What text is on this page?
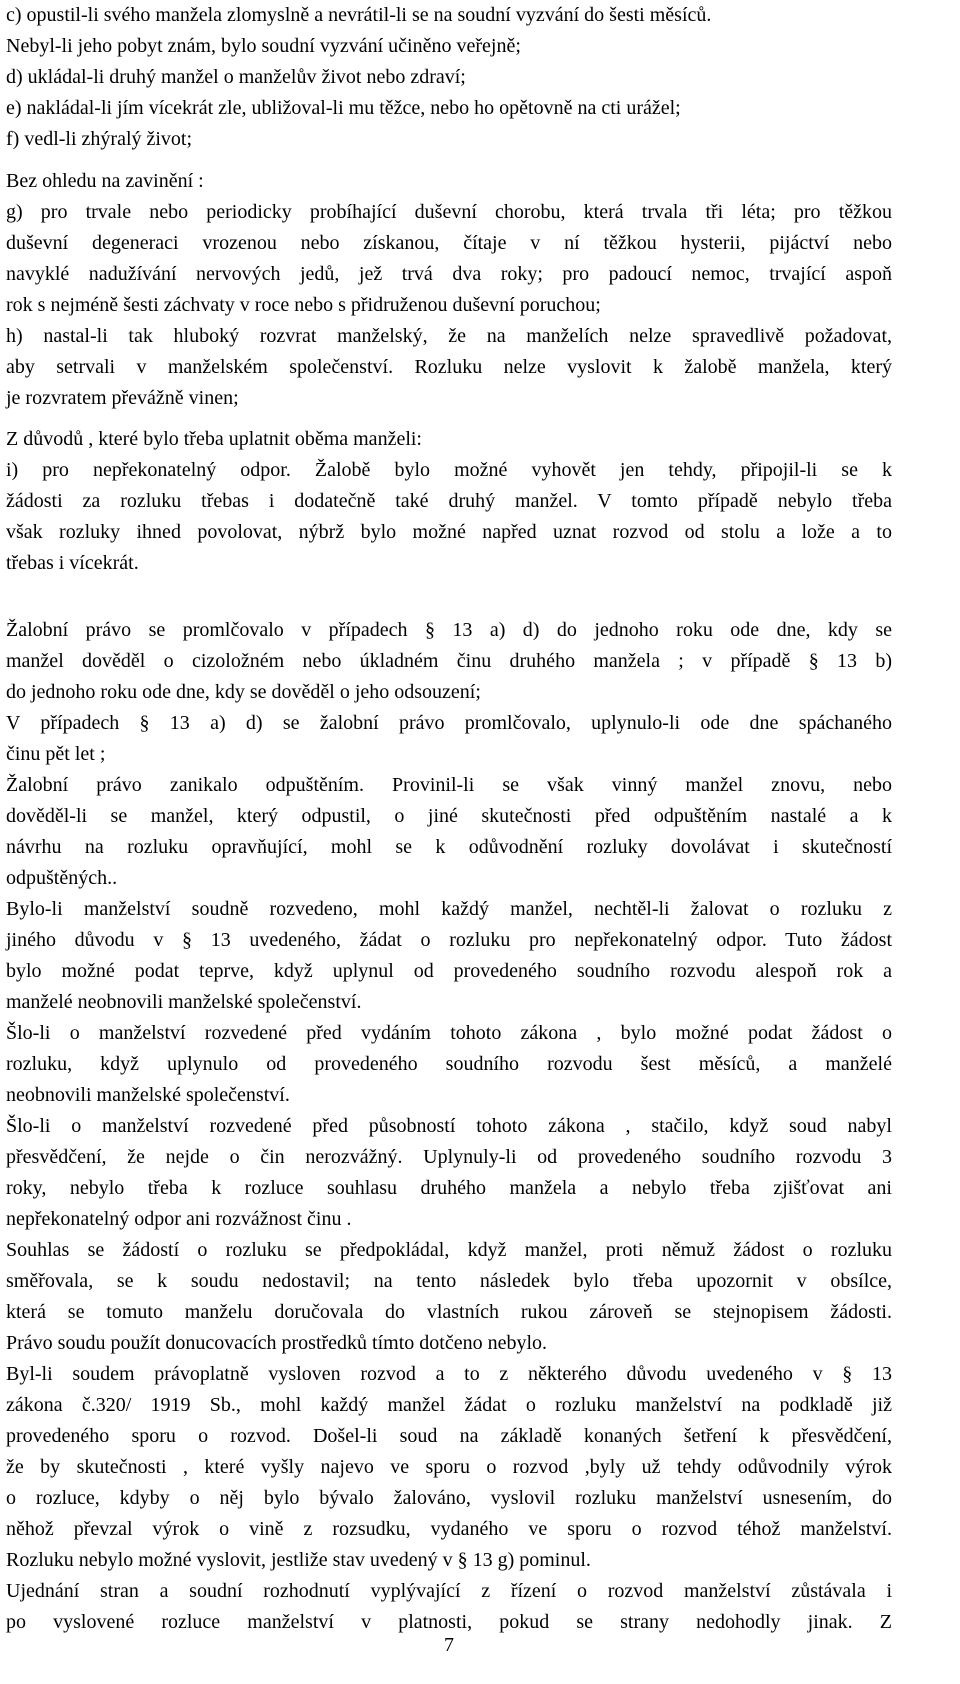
c) opustil-li svého manžela zlomyslně a nevrátil-li se na soudní vyzvání do šesti měsíců.
Nebyl-li jeho pobyt znám, bylo soudní vyzvání učiněno veřejně;
d) ukládal-li druhý manžel o manželův život nebo zdraví;
e) nakládal-li jím vícekrát zle, ubližoval-li mu těžce, nebo ho opětovně na cti urážel;
f) vedl-li zhýralý život;
Bez ohledu na zavinění :
g) pro trvale nebo periodicky probíhající duševní chorobu, která trvala tři léta; pro těžkou
duševní degeneraci vrozenou nebo získanou, čítaje v ní těžkou hysterii, pijáctví nebo
navyklé nadužívání nervových jedů, jež trvá dva roky; pro padoucí nemoc, trvající aspoň
rok s nejméně šesti záchvaty v roce nebo s přidruženou duševní poruchou;
h) nastal-li tak hluboký rozvrat manželský, že na manželích nelze spravedlivě požadovat,
aby setrvali v manželském společenství. Rozluku nelze vyslovit k žalobě manžela, který
je rozvratem převážně vinen;
Z důvodů , které bylo třeba uplatnit oběma manželi:
i) pro nepřekonatelný odpor. Žalobě bylo možné vyhovět jen tehdy, připojil-li se k
žádosti za rozluku třebas i dodatečně také druhý manžel. V tomto případě nebylo třeba
však rozluky ihned povolovat, nýbrž bylo možné napřed uznat rozvod od stolu a lože a to
třebas i vícekrát.
Žalobní právo se promlčovalo v případech § 13 a) d) do jednoho roku ode dne, kdy se
manžel dověděl o cizoložném nebo úkladném činu druhého manžela ; v případě § 13 b)
do jednoho roku ode dne, kdy se dověděl o jeho odsouzení;
V případech § 13 a) d) se žalobní právo promlčovalo, uplynulo-li ode dne spáchaného
činu pět let ;
Žalobní právo zanikalo odpuštěním. Provinil-li se však vinný manžel znovu, nebo
dověděl-li se manžel, který odpustil, o jiné skutečnosti před odpuštěním nastalé a k
návrhu na rozluku opravňující, mohl se k odůvodnění rozluky dovolávat i skutečností
odpuštěných..
Bylo-li manželství soudně rozvedeno, mohl každý manžel, nechtěl-li žalovat o rozluku z
jiného důvodu v § 13 uvedeného, žádat o rozluku pro nepřekonatelný odpor. Tuto žádost
bylo možné podat teprve, když uplynul od provedeného soudního rozvodu alespoň rok a
manželé neobnovili manželské společenství.
Šlo-li o manželství rozvedené před vydáním tohoto zákona , bylo možné podat žádost o
rozluku, když uplynulo od provedeného soudního rozvodu šest měsíců, a manželé
neobnovili manželské společenství.
Šlo-li o manželství rozvedené před působností tohoto zákona , stačilo, když soud nabyl
přesvědčení, že nejde o čin nerozvážný. Uplynuly-li od provedeného soudního rozvodu 3
roky, nebylo třeba k rozluce souhlasu druhého manžela a nebylo třeba zjišťovat ani
nepřekonatelný odpor ani rozvážnost činu .
Souhlas se žádostí o rozluku se předpokládal, když manžel, proti němuž žádost o rozluku
směřovala, se k soudu nedostavil; na tento následek bylo třeba upozornit v obsílce,
která se tomuto manželu doručovala do vlastních rukou zároveň se stejnopisem žádosti.
Právo soudu použít donucovacích prostředků tímto dotčeno nebylo.
Byl-li soudem právoplatně vysloven rozvod a to z některého důvodu uvedeného v § 13
zákona č.320/ 1919 Sb., mohl každý manžel žádat o rozluku manželství na podkladě již
provedeného sporu o rozvod. Došel-li soud na základě konaných šetření k přesvědčení,
že by skutečnosti , které vyšly najevo ve sporu o rozvod ,byly už tehdy odůvodnily výrok
o rozluce, kdyby o něj bylo bývalo žalováno, vyslovil rozluku manželství usnesením, do
něhož převzal výrok o vině z rozsudku, vydaného ve sporu o rozvod téhož manželství.
Rozluku nebylo možné vyslovit, jestliže stav uvedený v § 13 g) pominul.
Ujednání stran a soudní rozhodnutí vyplývající z řízení o rozvod manželství zůstávala i
po vyslovené rozluce manželství v platnosti, pokud se strany nedohodly jinak. Z
7
